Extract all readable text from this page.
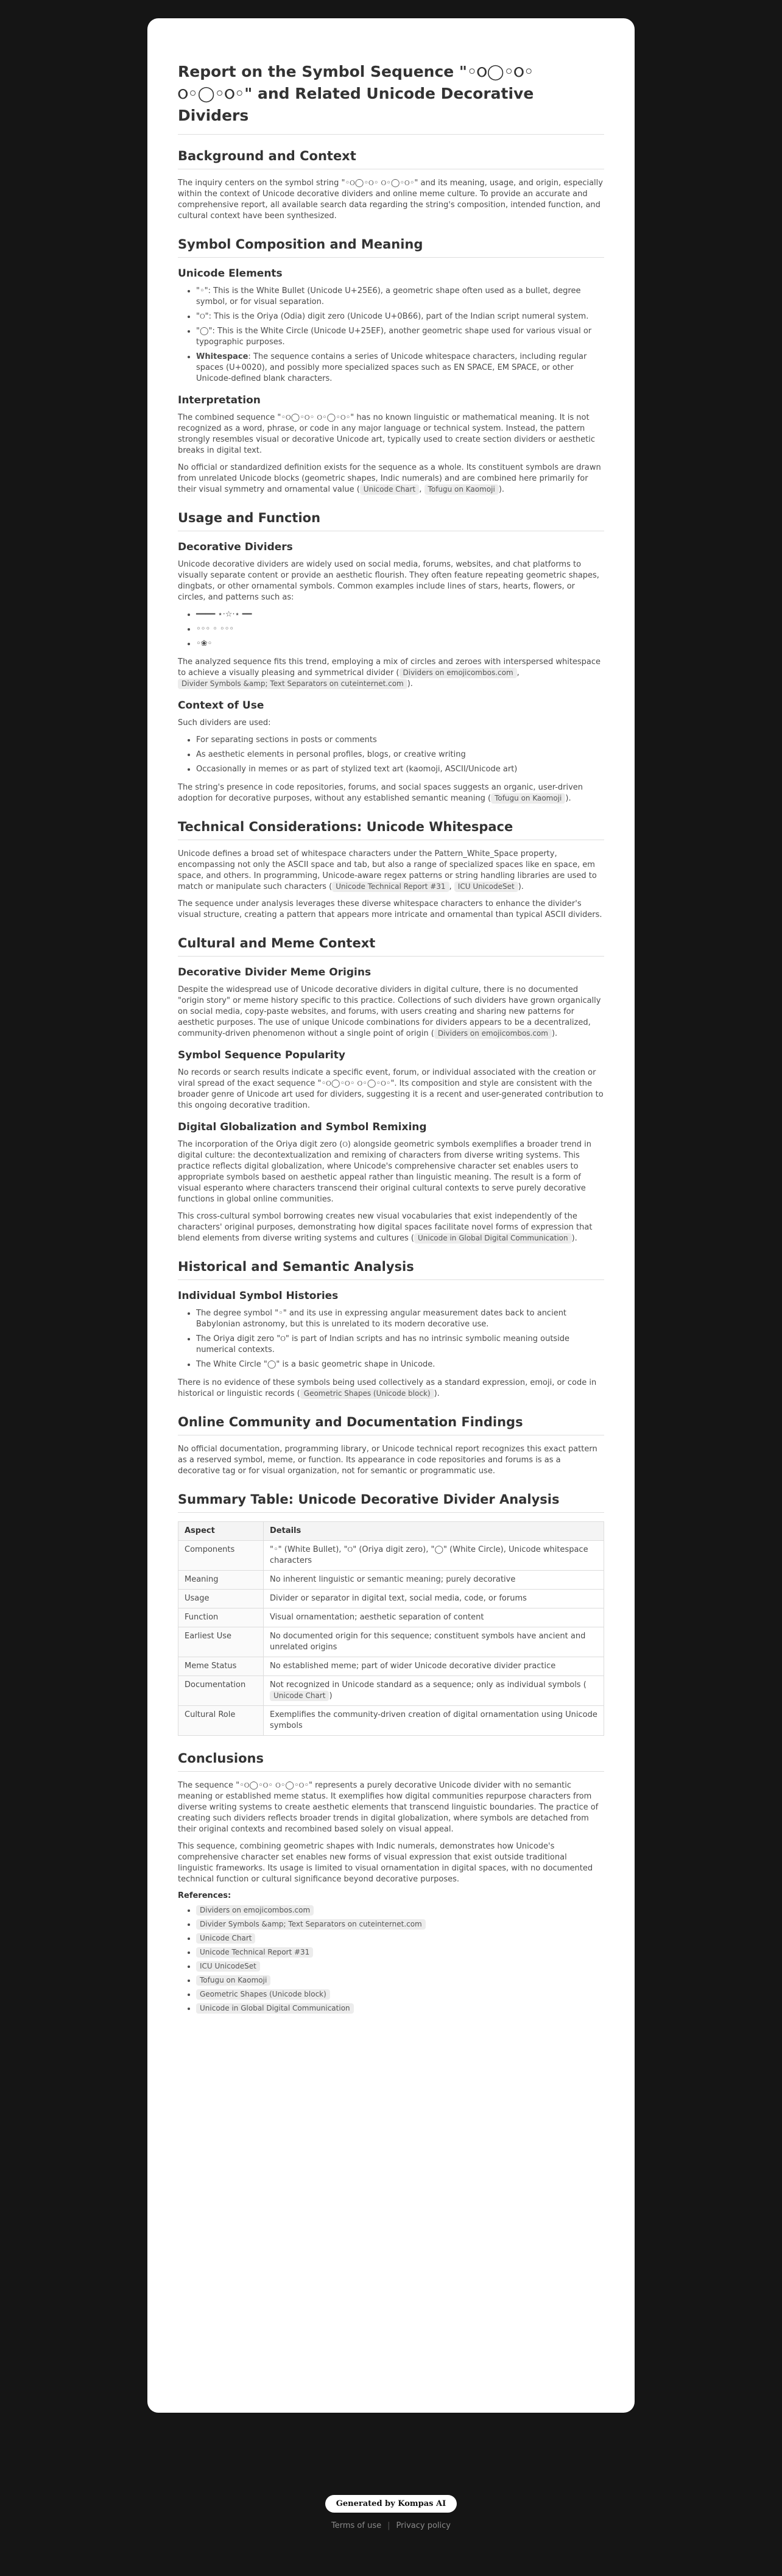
Report on the Symbol Sequence "◦ଠ◯◦ଠ◦ ଠ◦◯◦ଠ◦" and Related Unicode Decorative Dividers
Background and Context

The inquiry centers on the symbol string "◦ଠ◯◦ଠ◦ ଠ◦◯◦ଠ◦" and its meaning, usage, and origin, especially within the context of Unicode decorative dividers and online meme culture. To provide an accurate and comprehensive report, all available search data regarding the string's composition, intended function, and cultural context have been synthesized.

Symbol Composition and Meaning
Unicode Elements
• "◦": This is the White Bullet (Unicode U+25E6), a geometric shape often used as a bullet, degree symbol, or for visual separation.
• "ଠ": This is the Oriya (Odia) digit zero (Unicode U+0B66), part of the Indian script numeral system.
• "◯": This is the White Circle (Unicode U+25EF), another geometric shape used for various visual or typographic purposes.
• Whitespace: The sequence contains a series of Unicode whitespace characters, including regular spaces (U+0020), and possibly more specialized spaces such as EN SPACE, EM SPACE, or other Unicode-defined blank characters.
Interpretation

The combined sequence "◦ଠ◯◦ଠ◦ ଠ◦◯◦ଠ◦" has no known linguistic or mathematical meaning. It is not recognized as a word, phrase, or code in any major language or technical system. Instead, the pattern strongly resembles visual or decorative Unicode art, typically used to create section dividers or aesthetic breaks in digital text.

No official or standardized definition exists for the sequence as a whole. Its constituent symbols are drawn from unrelated Unicode blocks (geometric shapes, Indic numerals) and are combined here primarily for their visual symmetry and ornamental value ( Unicode Chart , Tofugu on Kaomoji ).

Usage and Function
Decorative Dividers

Unicode decorative dividers are widely used on social media, forums, websites, and chat platforms to visually separate content or provide an aesthetic flourish. They often feature repeating geometric shapes, dingbats, or other ornamental symbols. Common examples include lines of stars, hearts, flowers, or circles, and patterns such as:

• ━━━━ ⋆⋅☆⋅⋆ ━━
• ◦◦◦ ◦ ◦◦◦
• ◦❀◦

The analyzed sequence fits this trend, employing a mix of circles and zeroes with interspersed whitespace to achieve a visually pleasing and symmetrical divider ( Dividers on emojicombos.com , Divider Symbols &amp; Text Separators on cuteinternet.com ).

Context of Use

Such dividers are used:

• For separating sections in posts or comments
• As aesthetic elements in personal profiles, blogs, or creative writing
• Occasionally in memes or as part of stylized text art (kaomoji, ASCII/Unicode art)

The string's presence in code repositories, forums, and social spaces suggests an organic, user-driven adoption for decorative purposes, without any established semantic meaning ( Tofugu on Kaomoji ).

Technical Considerations: Unicode Whitespace

Unicode defines a broad set of whitespace characters under the Pattern_White_Space property, encompassing not only the ASCII space and tab, but also a range of specialized spaces like en space, em space, and others. In programming, Unicode-aware regex patterns or string handling libraries are used to match or manipulate such characters ( Unicode Technical Report #31 , ICU UnicodeSet ).

The sequence under analysis leverages these diverse whitespace characters to enhance the divider's visual structure, creating a pattern that appears more intricate and ornamental than typical ASCII dividers.

Cultural and Meme Context
Decorative Divider Meme Origins

Despite the widespread use of Unicode decorative dividers in digital culture, there is no documented "origin story" or meme history specific to this practice. Collections of such dividers have grown organically on social media, copy-paste websites, and forums, with users creating and sharing new patterns for aesthetic purposes. The use of unique Unicode combinations for dividers appears to be a decentralized, community-driven phenomenon without a single point of origin ( Dividers on emojicombos.com ).

Symbol Sequence Popularity

No records or search results indicate a specific event, forum, or individual associated with the creation or viral spread of the exact sequence "◦ଠ◯◦ଠ◦ ଠ◦◯◦ଠ◦". Its composition and style are consistent with the broader genre of Unicode art used for dividers, suggesting it is a recent and user-generated contribution to this ongoing decorative tradition.

Digital Globalization and Symbol Remixing

The incorporation of the Oriya digit zero (ଠ) alongside geometric symbols exemplifies a broader trend in digital culture: the decontextualization and remixing of characters from diverse writing systems. This practice reflects digital globalization, where Unicode's comprehensive character set enables users to appropriate symbols based on aesthetic appeal rather than linguistic meaning. The result is a form of visual esperanto where characters transcend their original cultural contexts to serve purely decorative functions in global online communities.

This cross-cultural symbol borrowing creates new visual vocabularies that exist independently of the characters' original purposes, demonstrating how digital spaces facilitate novel forms of expression that blend elements from diverse writing systems and cultures ( Unicode in Global Digital Communication ).

Historical and Semantic Analysis
Individual Symbol Histories
• The degree symbol "◦" and its use in expressing angular measurement dates back to ancient Babylonian astronomy, but this is unrelated to its modern decorative use.
• The Oriya digit zero "ଠ" is part of Indian scripts and has no intrinsic symbolic meaning outside numerical contexts.
• The White Circle "◯" is a basic geometric shape in Unicode.

There is no evidence of these symbols being used collectively as a standard expression, emoji, or code in historical or linguistic records ( Geometric Shapes (Unicode block) ).

Online Community and Documentation Findings

No official documentation, programming library, or Unicode technical report recognizes this exact pattern as a reserved symbol, meme, or function. Its appearance in code repositories and forums is as a decorative tag or for visual organization, not for semantic or programmatic use.

Summary Table: Unicode Decorative Divider Analysis
Aspect	Details
Components	"◦" (White Bullet), "ଠ" (Oriya digit zero), "◯" (White Circle), Unicode whitespace characters
Meaning	No inherent linguistic or semantic meaning; purely decorative
Usage	Divider or separator in digital text, social media, code, or forums
Function	Visual ornamentation; aesthetic separation of content
Earliest Use	No documented origin for this sequence; constituent symbols have ancient and unrelated origins
Meme Status	No established meme; part of wider Unicode decorative divider practice
Documentation	Not recognized in Unicode standard as a sequence; only as individual symbols (Unicode Chart )
Cultural Role	Exemplifies the community-driven creation of digital ornamentation using Unicode symbols
Conclusions

The sequence "◦ଠ◯◦ଠ◦ ଠ◦◯◦ଠ◦" represents a purely decorative Unicode divider with no semantic meaning or established meme status. It exemplifies how digital communities repurpose characters from diverse writing systems to create aesthetic elements that transcend linguistic boundaries. The practice of creating such dividers reflects broader trends in digital globalization, where symbols are detached from their original contexts and recombined based solely on visual appeal.

This sequence, combining geometric shapes with Indic numerals, demonstrates how Unicode's comprehensive character set enables new forms of visual expression that exist outside traditional linguistic frameworks. Its usage is limited to visual ornamentation in digital spaces, with no documented technical function or cultural significance beyond decorative purposes.

References:
• Dividers on emojicombos.com
• Divider Symbols &amp; Text Separators on cuteinternet.com
• Unicode Chart
• Unicode Technical Report #31
• ICU UnicodeSet
• Tofugu on Kaomoji
• Geometric Shapes (Unicode block)
• Unicode in Global Digital Communication
Generated by Kompas AI
Terms of use | Privacy policy
